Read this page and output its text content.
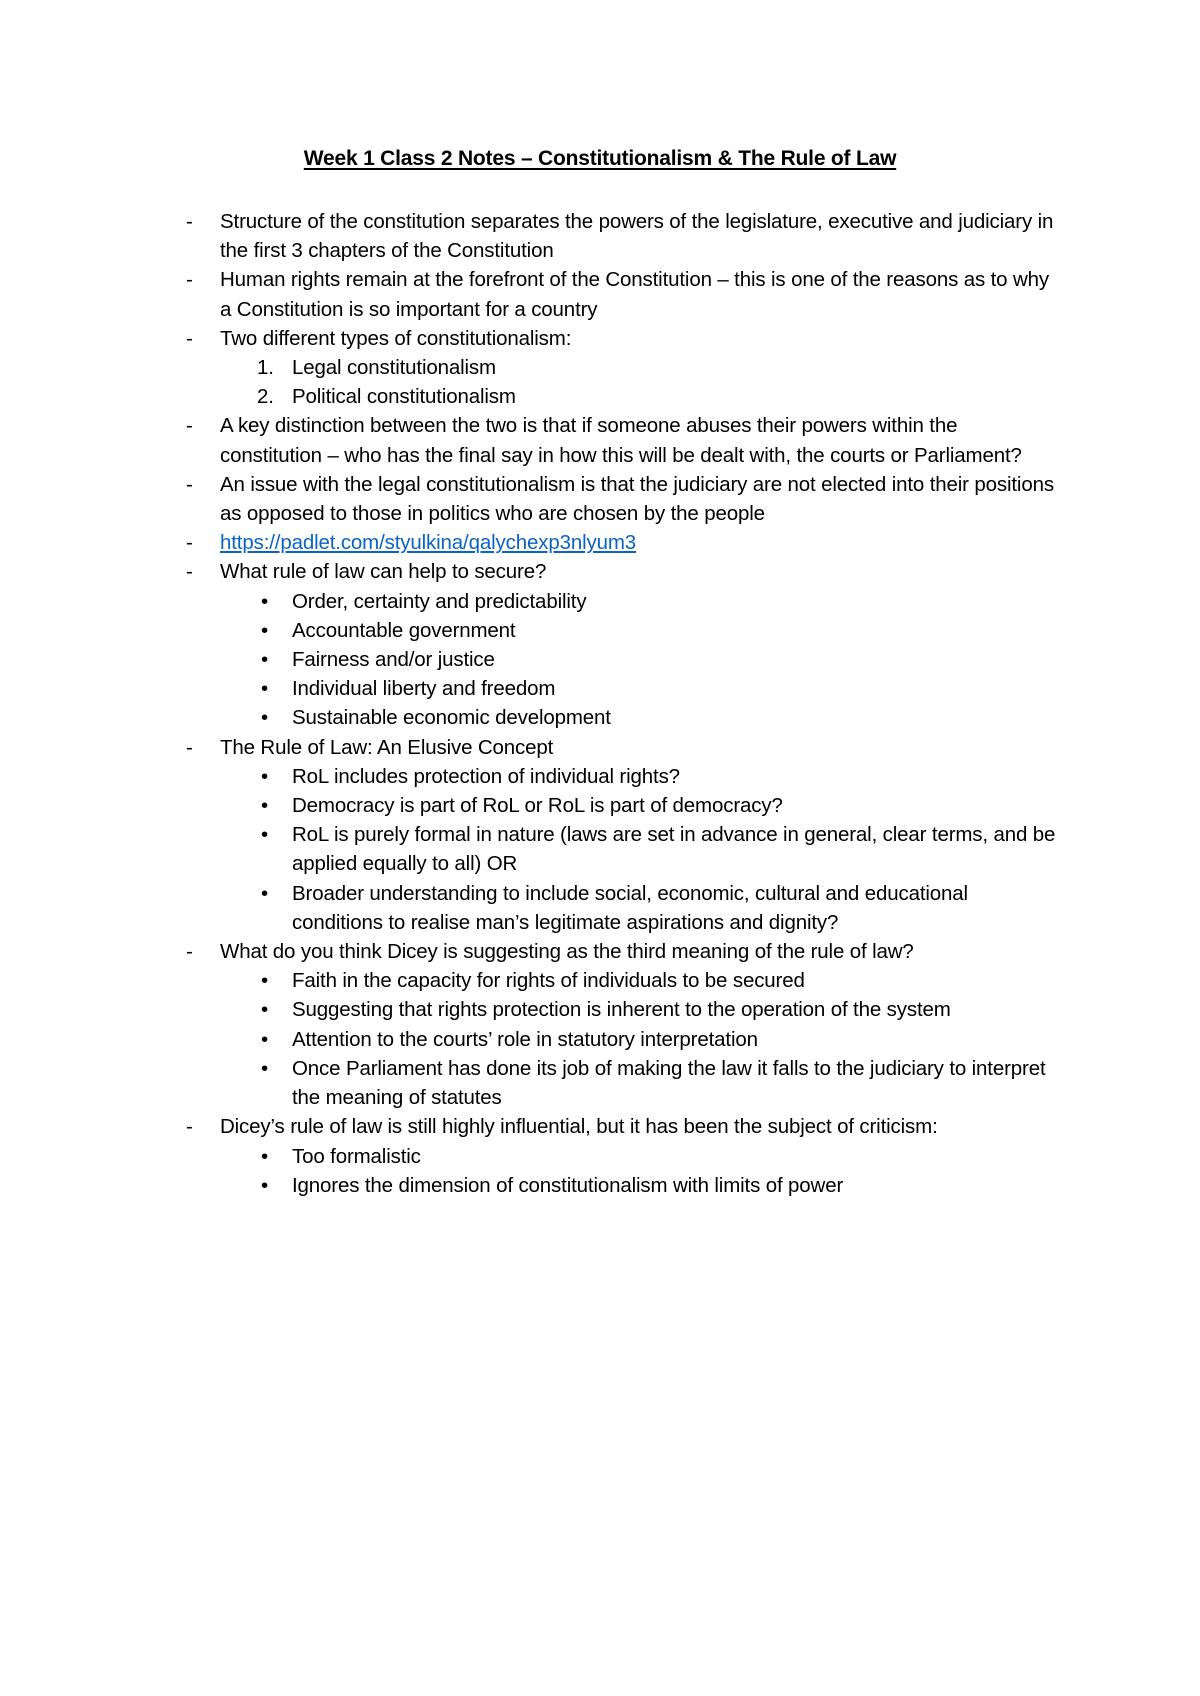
Week 1 Class 2 Notes – Constitutionalism & The Rule of Law
- Structure of the constitution separates the powers of the legislature, executive and judiciary in the first 3 chapters of the Constitution
- Human rights remain at the forefront of the Constitution – this is one of the reasons as to why a Constitution is so important for a country
- Two different types of constitutionalism:
1. Legal constitutionalism
2. Political constitutionalism
- A key distinction between the two is that if someone abuses their powers within the constitution – who has the final say in how this will be dealt with, the courts or Parliament?
- An issue with the legal constitutionalism is that the judiciary are not elected into their positions as opposed to those in politics who are chosen by the people
- https://padlet.com/styulkina/qalychexp3nlyum3
- What rule of law can help to secure?
• Order, certainty and predictability
• Accountable government
• Fairness and/or justice
• Individual liberty and freedom
• Sustainable economic development
- The Rule of Law: An Elusive Concept
• RoL includes protection of individual rights?
• Democracy is part of RoL or RoL is part of democracy?
• RoL is purely formal in nature (laws are set in advance in general, clear terms, and be applied equally to all) OR
• Broader understanding to include social, economic, cultural and educational conditions to realise man’s legitimate aspirations and dignity?
- What do you think Dicey is suggesting as the third meaning of the rule of law?
• Faith in the capacity for rights of individuals to be secured
• Suggesting that rights protection is inherent to the operation of the system
• Attention to the courts’ role in statutory interpretation
• Once Parliament has done its job of making the law it falls to the judiciary to interpret the meaning of statutes
- Dicey’s rule of law is still highly influential, but it has been the subject of criticism:
• Too formalistic
• Ignores the dimension of constitutionalism with limits of power
